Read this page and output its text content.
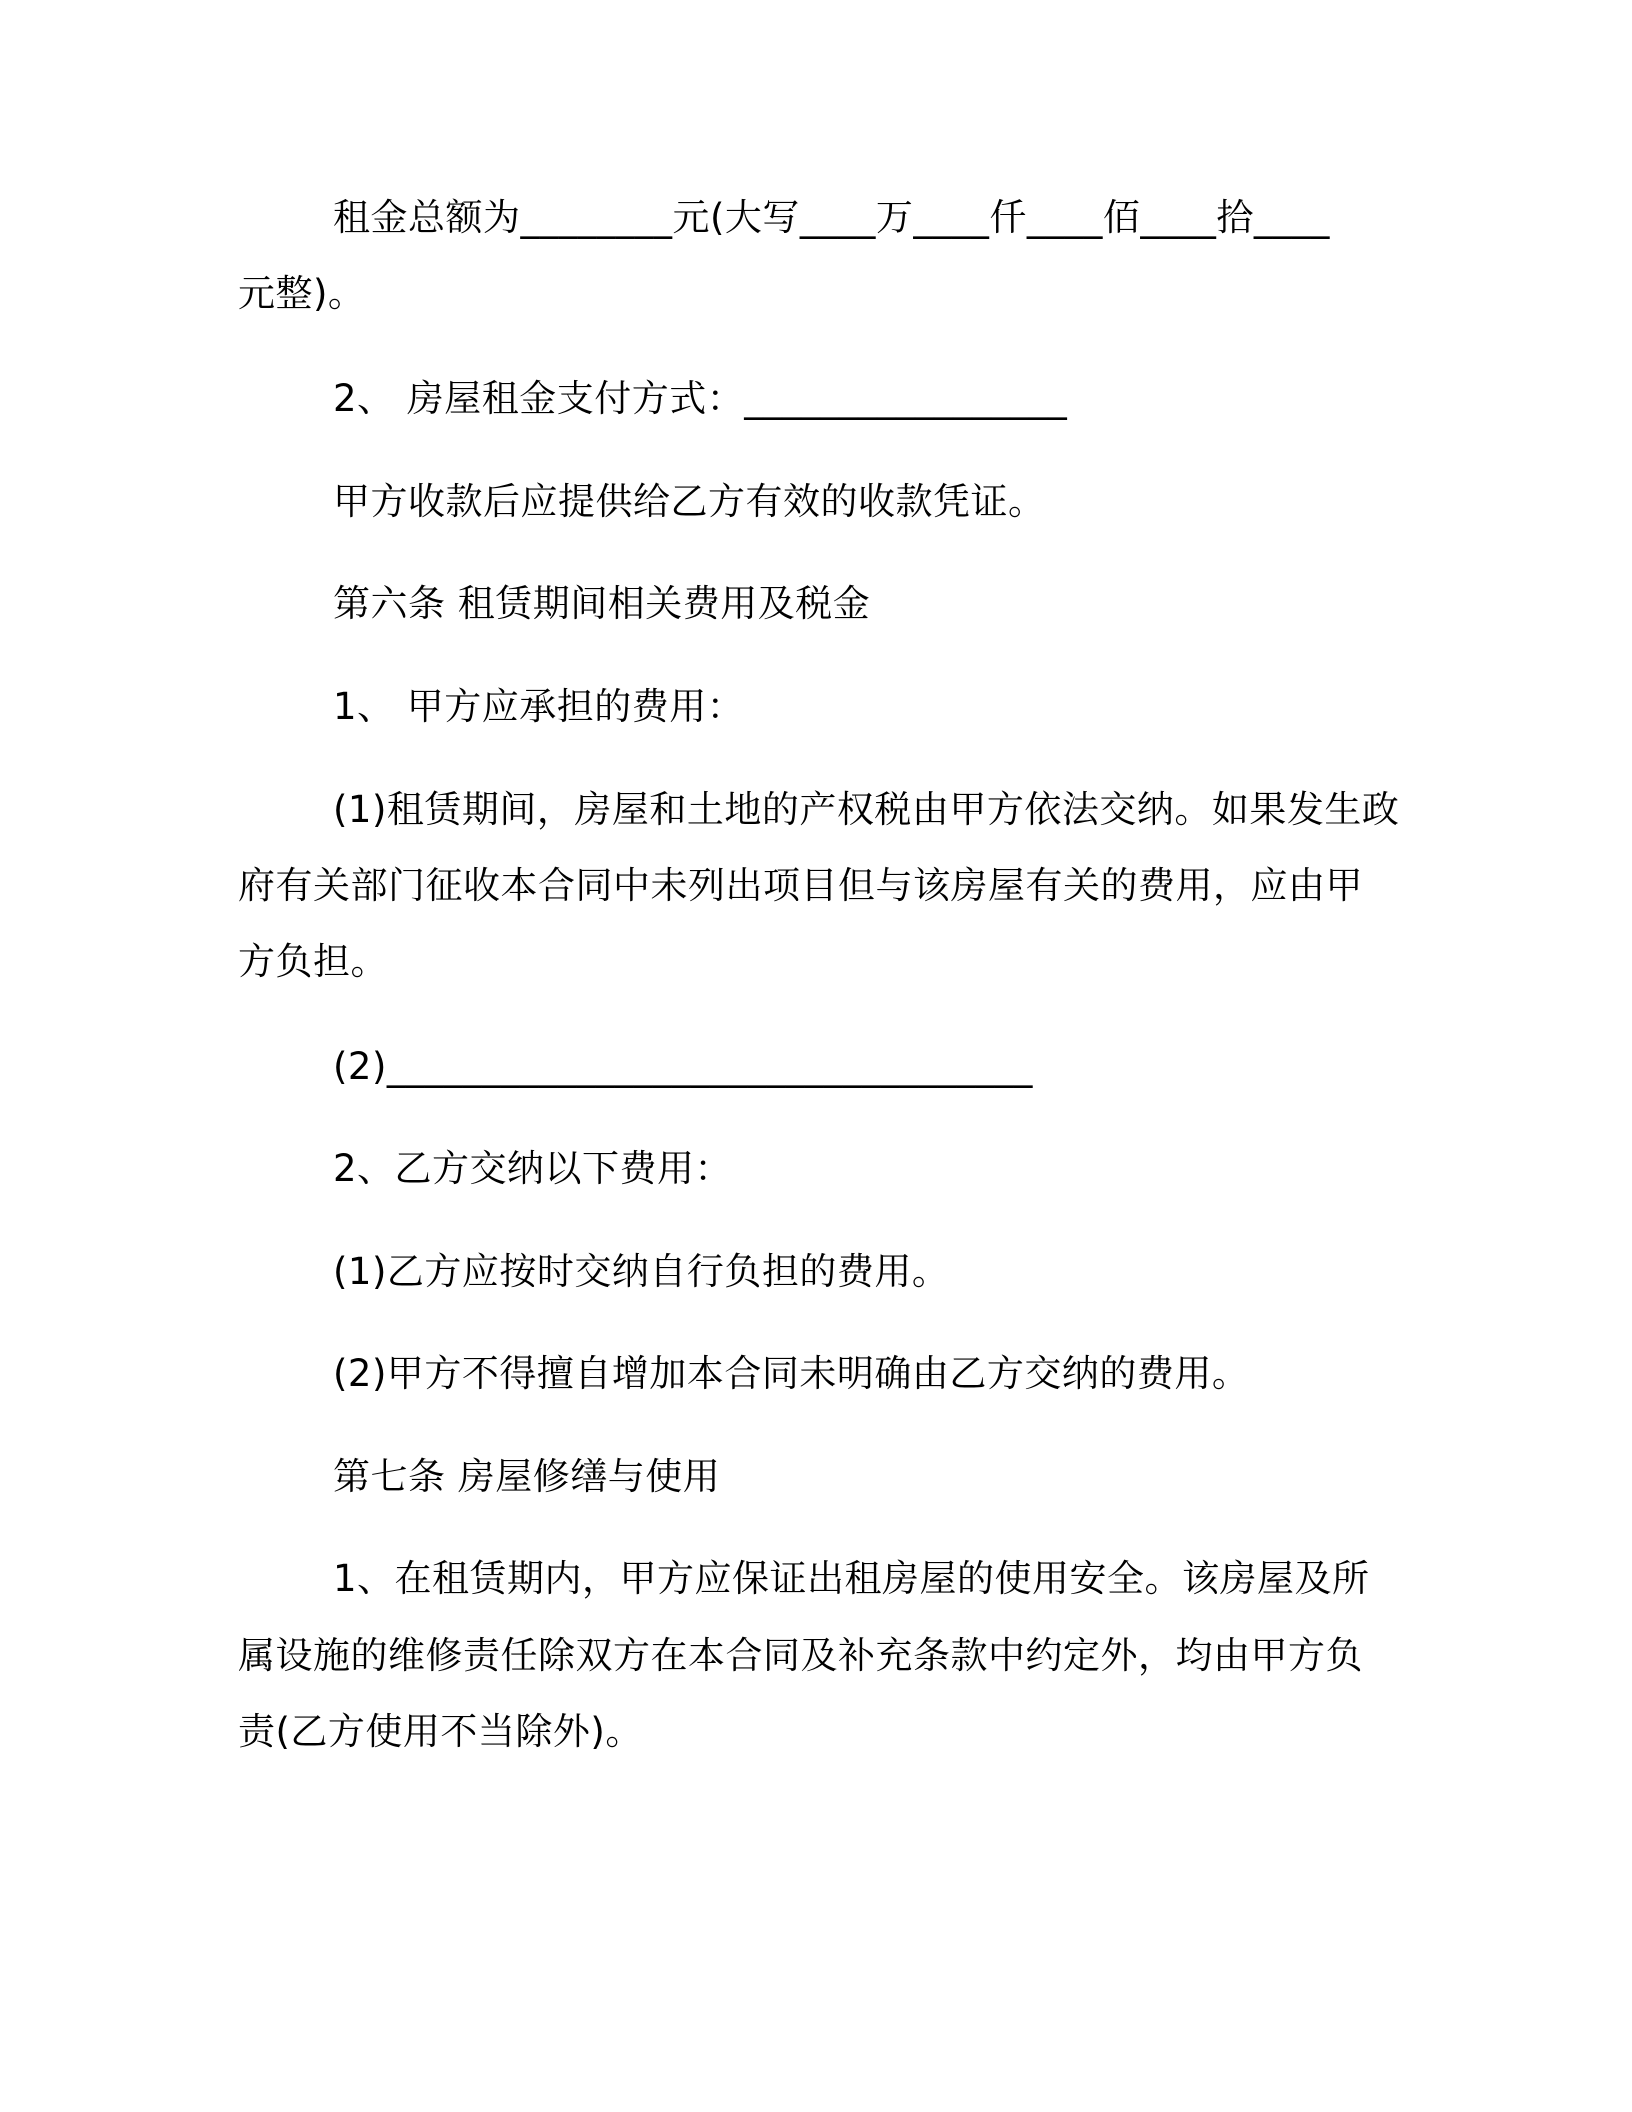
租金总额为________元(大写____万____仟____佰____拾____
元整)。
2、 房屋租金支付方式：_________________
甲方收款后应提供给乙方有效的收款凭证。
第六条 租赁期间相关费用及税金
1、 甲方应承担的费用：
(1)租赁期间，房屋和土地的产权税由甲方依法交纳。如果发生政
府有关部门征收本合同中未列出项目但与该房屋有关的费用，应由甲
方负担。
(2)__________________________________
2、乙方交纳以下费用：
(1)乙方应按时交纳自行负担的费用。
(2)甲方不得擅自增加本合同未明确由乙方交纳的费用。
第七条 房屋修缮与使用
1、在租赁期内，甲方应保证出租房屋的使用安全。该房屋及所
属设施的维修责任除双方在本合同及补充条款中约定外，均由甲方负
责(乙方使用不当除外)。
